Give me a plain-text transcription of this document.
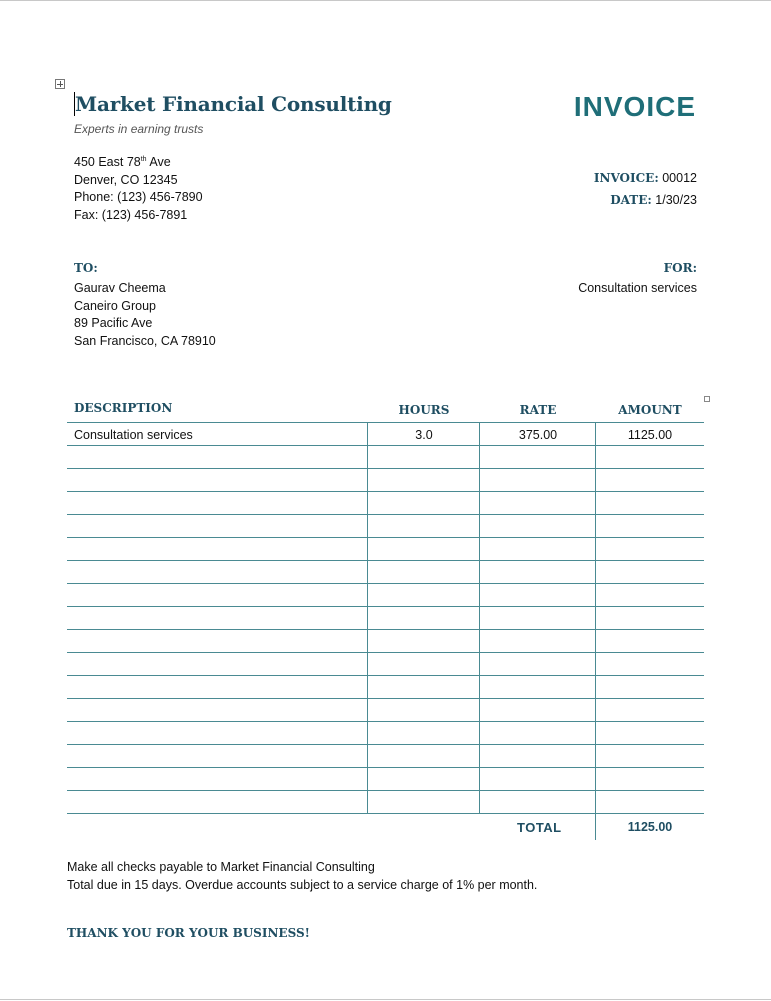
Market Financial Consulting
Experts in earning trusts
INVOICE
450 East 78th Ave
Denver, CO 12345
Phone: (123) 456-7890
Fax: (123) 456-7891
INVOICE: 00012
DATE: 1/30/23
TO:	FOR:
Gaurav Cheema
Caneiro Group
89 Pacific Ave
San Francisco, CA 78910
Consultation services
DESCRIPTION	HOURS	RATE	AMOUNT
Consultation services	3.0	375.00	1125.00
TOTAL	1125.00
Make all checks payable to Market Financial Consulting
Total due in 15 days. Overdue accounts subject to a service charge of 1% per month.
THANK YOU FOR YOUR BUSINESS!
